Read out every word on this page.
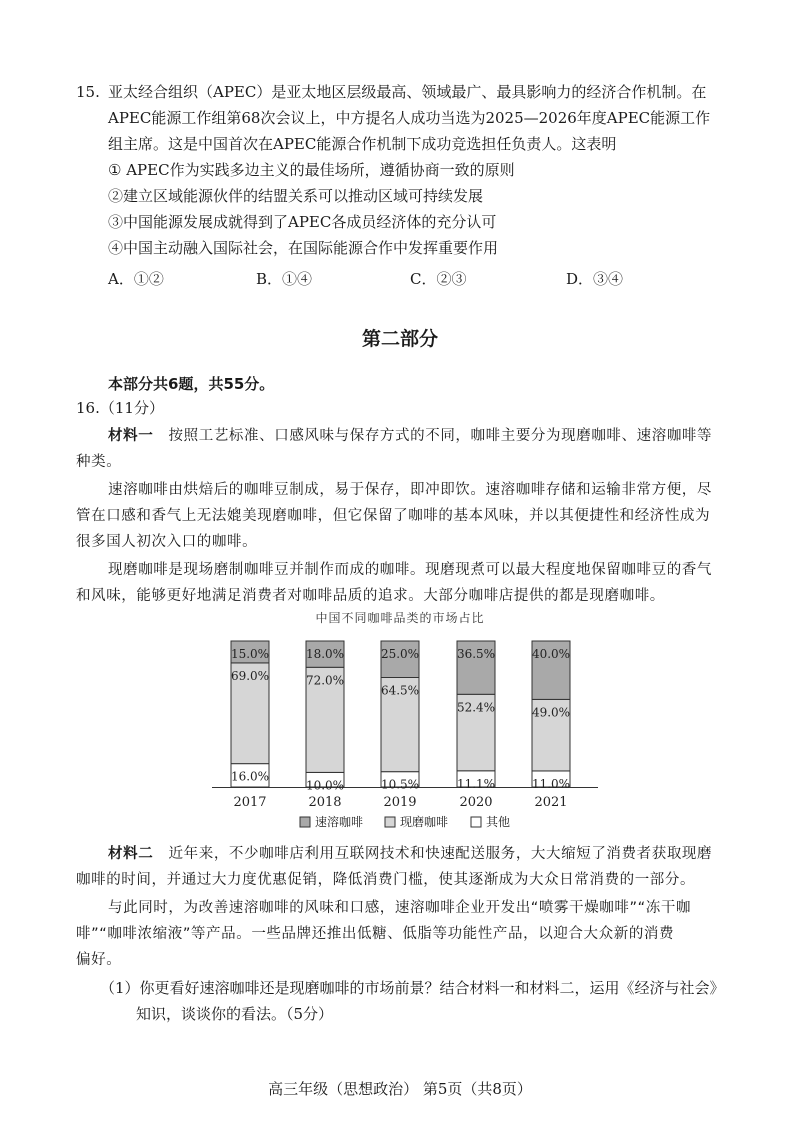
15. 亚太经合组织（APEC）是亚太地区层级最高、领域最广、最具影响力的经济合作机制。在
APEC能源工作组第68次会议上，中方提名人成功当选为2025—2026年度APEC能源工作
组主席。这是中国首次在APEC能源合作机制下成功竞选担任负责人。这表明
① APEC作为实践多边主义的最佳场所，遵循协商一致的原则
②建立区域能源伙伴的结盟关系可以推动区域可持续发展
③中国能源发展成就得到了APEC各成员经济体的充分认可
④中国主动融入国际社会，在国际能源合作中发挥重要作用
A．①②	B．①④	C．②③	D．③④
第二部分
本部分共6题，共55分。
16.（11分）
材料一 按照工艺标准、口感风味与保存方式的不同，咖啡主要分为现磨咖啡、速溶咖啡等
种类。
速溶咖啡由烘焙后的咖啡豆制成，易于保存，即冲即饮。速溶咖啡存储和运输非常方便，尽
管在口感和香气上无法媲美现磨咖啡，但它保留了咖啡的基本风味，并以其便捷性和经济性成为
很多国人初次入口的咖啡。
现磨咖啡是现场磨制咖啡豆并制作而成的咖啡。现磨现煮可以最大程度地保留咖啡豆的香气
和风味，能够更好地满足消费者对咖啡品质的追求。大部分咖啡店提供的都是现磨咖啡。
中国不同咖啡品类的市场占比
16.0%
69.0%
15.0%
2017
10.0%
72.0%
18.0%
2018
10.5%
64.5%
25.0%
2019
11.1%
52.4%
36.5%
2020
11.0%
49.0%
40.0%
2021
速溶咖啡	现磨咖啡	其他
材料二 近年来，不少咖啡店利用互联网技术和快速配送服务，大大缩短了消费者获取现磨
咖啡的时间，并通过大力度优惠促销，降低消费门槛，使其逐渐成为大众日常消费的一部分。
与此同时，为改善速溶咖啡的风味和口感，速溶咖啡企业开发出“喷雾干燥咖啡”“冻干咖
啡”“咖啡浓缩液”等产品。一些品牌还推出低糖、低脂等功能性产品，以迎合大众新的消费
偏好。
（1）你更看好速溶咖啡还是现磨咖啡的市场前景？结合材料一和材料二，运用《经济与社会》
知识，谈谈你的看法。（5分）
高三年级（思想政治） 第5页（共8页）
